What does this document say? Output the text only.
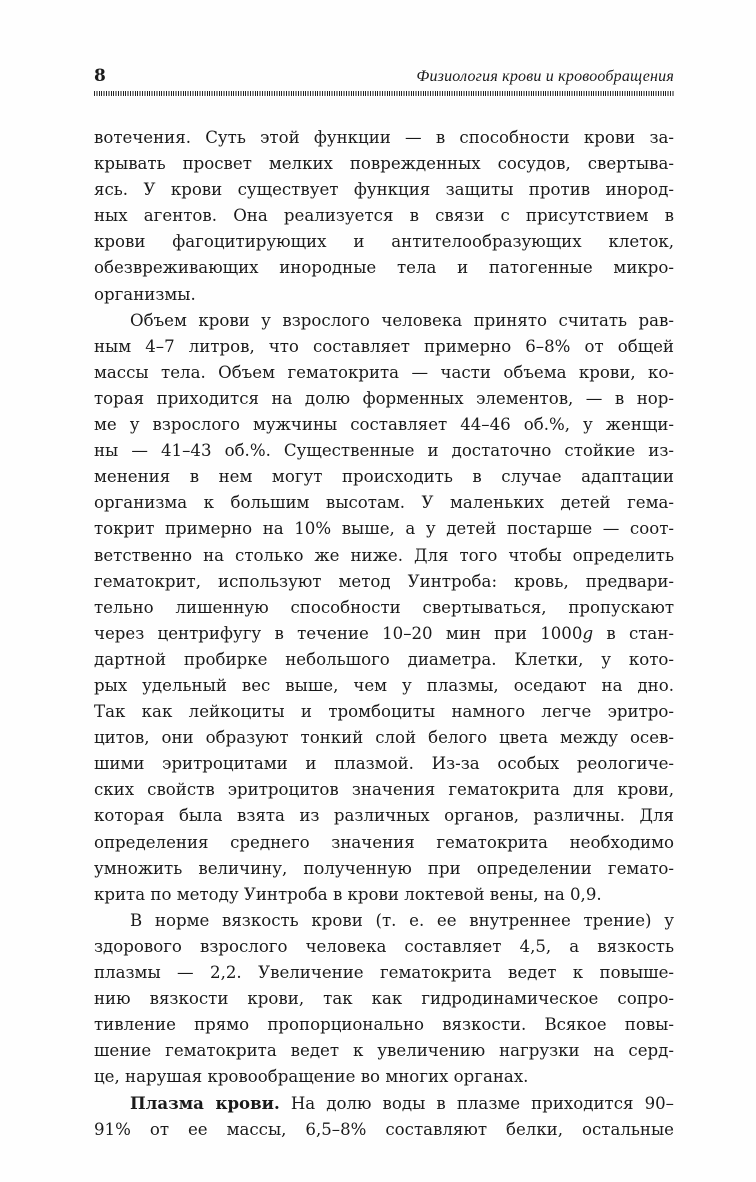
8	Физиология крови и кровообращения
вотечения. Суть этой функции — в способности крови за-
крывать просвет мелких поврежденных сосудов, свертыва-
ясь. У крови существует функция защиты против инород-
ных агентов. Она реализуется в связи с присутствием в
крови фагоцитирующих и антителообразующих клеток,
обезвреживающих инородные тела и патогенные микро-
организмы.
Объем крови у взрослого человека принято считать рав-
ным 4–7 литров, что составляет примерно 6–8% от общей
массы тела. Объем гематокрита — части объема крови, ко-
торая приходится на долю форменных элементов, — в нор-
ме у взрослого мужчины составляет 44–46 об.%, у женщи-
ны — 41–43 об.%. Существенные и достаточно стойкие из-
менения в нем могут происходить в случае адаптации
организма к большим высотам. У маленьких детей гема-
токрит примерно на 10% выше, а у детей постарше — соот-
ветственно на столько же ниже. Для того чтобы определить
гематокрит, используют метод Уинтроба: кровь, предвари-
тельно лишенную способности свертываться, пропускают
через центрифугу в течение 10–20 мин при 1000g в стан-
дартной пробирке небольшого диаметра. Клетки, у кото-
рых удельный вес выше, чем у плазмы, оседают на дно.
Так как лейкоциты и тромбоциты намного легче эритро-
цитов, они образуют тонкий слой белого цвета между осев-
шими эритроцитами и плазмой. Из-за особых реологиче-
ских свойств эритроцитов значения гематокрита для крови,
которая была взята из различных органов, различны. Для
определения среднего значения гематокрита необходимо
умножить величину, полученную при определении гемато-
крита по методу Уинтроба в крови локтевой вены, на 0,9.
В норме вязкость крови (т. е. ее внутреннее трение) у
здорового взрослого человека составляет 4,5, а вязкость
плазмы — 2,2. Увеличение гематокрита ведет к повыше-
нию вязкости крови, так как гидродинамическое сопро-
тивление прямо пропорционально вязкости. Всякое повы-
шение гематокрита ведет к увеличению нагрузки на серд-
це, нарушая кровообращение во многих органах.
Плазма крови. На долю воды в плазме приходится 90–
91% от ее массы, 6,5–8% составляют белки, остальные
